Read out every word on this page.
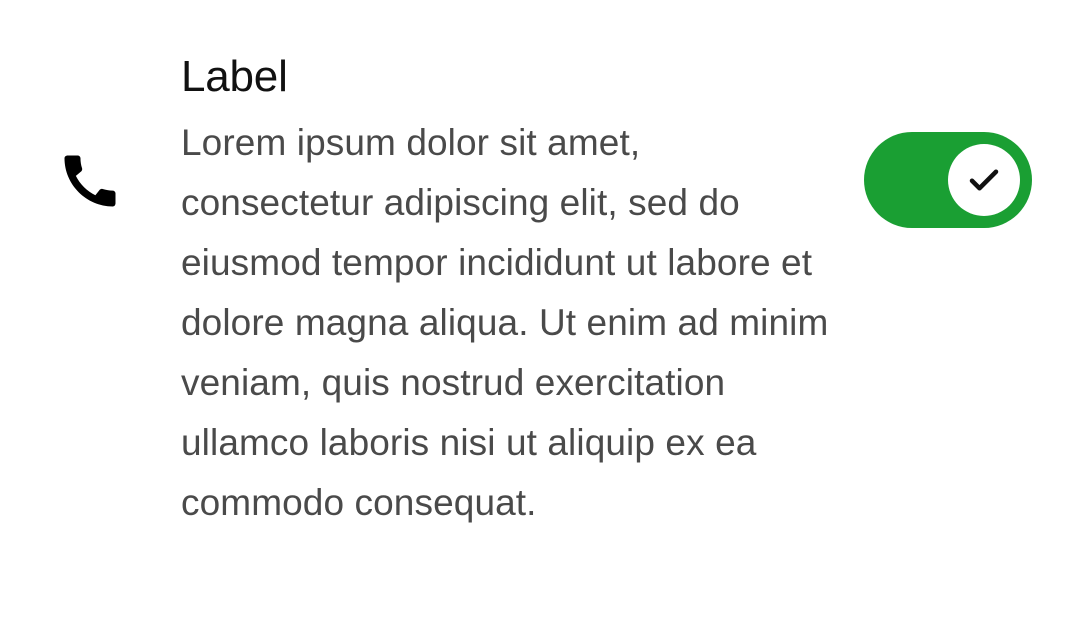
Label

Lorem ipsum dolor sit amet, consectetur adipiscing elit, sed do eiusmod tempor incididunt ut labore et dolore magna aliqua. Ut enim ad minim veniam, quis nostrud exercitation ullamco laboris nisi ut aliquip ex ea commodo consequat.
